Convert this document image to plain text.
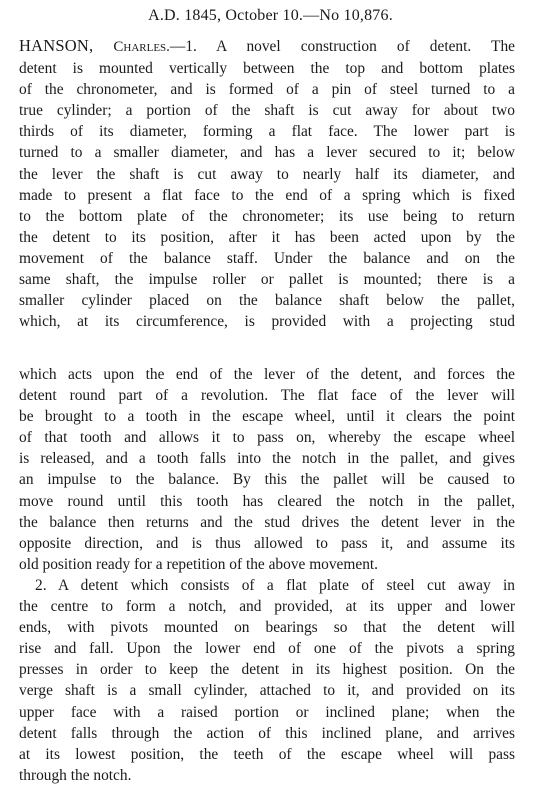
A.D. 1845, October 10.—No 10,876.
HANSON, Charles.—1. A novel construction of detent. The
detent is mounted vertically between the top and bottom plates
of the chronometer, and is formed of a pin of steel turned to a
true cylinder; a portion of the shaft is cut away for about two
thirds of its diameter, forming a flat face. The lower part is
turned to a smaller diameter, and has a lever secured to it; below
the lever the shaft is cut away to nearly half its diameter, and
made to present a flat face to the end of a spring which is fixed
to the bottom plate of the chronometer; its use being to return
the detent to its position, after it has been acted upon by the
movement of the balance staff. Under the balance and on the
same shaft, the impulse roller or pallet is mounted; there is a
smaller cylinder placed on the balance shaft below the pallet,
which, at its circumference, is provided with a projecting stud
which acts upon the end of the lever of the detent, and forces the
detent round part of a revolution. The flat face of the lever will
be brought to a tooth in the escape wheel, until it clears the point
of that tooth and allows it to pass on, whereby the escape wheel
is released, and a tooth falls into the notch in the pallet, and gives
an impulse to the balance. By this the pallet will be caused to
move round until this tooth has cleared the notch in the pallet,
the balance then returns and the stud drives the detent lever in the
opposite direction, and is thus allowed to pass it, and assume its
old position ready for a repetition of the above movement.
2. A detent which consists of a flat plate of steel cut away in
the centre to form a notch, and provided, at its upper and lower
ends, with pivots mounted on bearings so that the detent will
rise and fall. Upon the lower end of one of the pivots a spring
presses in order to keep the detent in its highest position. On the
verge shaft is a small cylinder, attached to it, and provided on its
upper face with a raised portion or inclined plane; when the
detent falls through the action of this inclined plane, and arrives
at its lowest position, the teeth of the escape wheel will pass
through the notch.
